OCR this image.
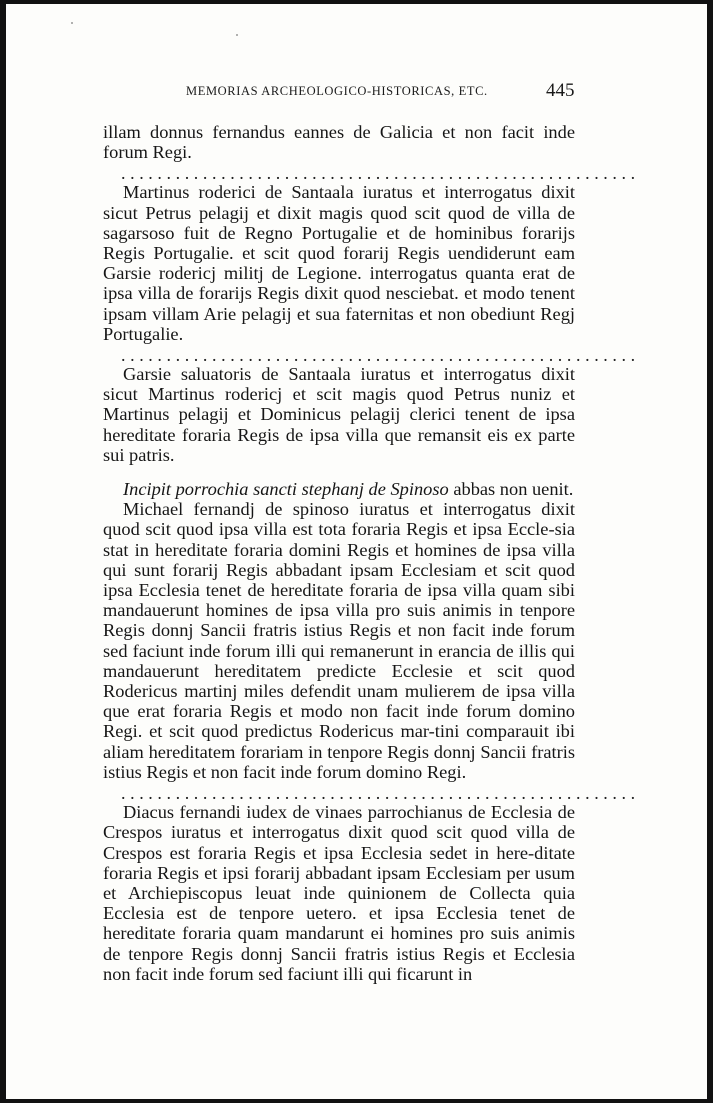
MEMORIAS ARCHEOLOGICO-HISTORICAS, ETC.	445

illam donnus fernandus eannes de Galicia et non facit inde forum Regi.

.........................................................

Martinus roderici de Santaala iuratus et interrogatus dixit sicut Petrus pelagij et dixit magis quod scit quod de villa de sagarsoso fuit de Regno Portugalie et de hominibus forarijs Regis Portugalie. et scit quod forarij Regis uendiderunt eam Garsie rodericj militj de Legione. interrogatus quanta erat de ipsa villa de forarijs Regis dixit quod nesciebat. et modo tenent ipsam villam Arie pelagij et sua faternitas et non obediunt Regj Portugalie.

.........................................................

Garsie saluatoris de Santaala iuratus et interrogatus dixit sicut Martinus rodericj et scit magis quod Petrus nuniz et Martinus pelagij et Dominicus pelagij clerici tenent de ipsa hereditate foraria Regis de ipsa villa que remansit eis ex parte sui patris.

Incipit porrochia sancti stephanj de Spinoso abbas non uenit.

Michael fernandj de spinoso iuratus et interrogatus dixit quod scit quod ipsa villa est tota foraria Regis et ipsa Eccle-sia stat in hereditate foraria domini Regis et homines de ipsa villa qui sunt forarij Regis abbadant ipsam Ecclesiam et scit quod ipsa Ecclesia tenet de hereditate foraria de ipsa villa quam sibi mandauerunt homines de ipsa villa pro suis animis in tenpore Regis donnj Sancii fratris istius Regis et non facit inde forum sed faciunt inde forum illi qui remanerunt in erancia de illis qui mandauerunt hereditatem predicte Ecclesie et scit quod Rodericus martinj miles defendit unam mulierem de ipsa villa que erat foraria Regis et modo non facit inde forum domino Regi. et scit quod predictus Rodericus mar-tini comparauit ibi aliam hereditatem forariam in tenpore Regis donnj Sancii fratris istius Regis et non facit inde forum domino Regi.

.........................................................

Diacus fernandi iudex de vinaes parrochianus de Ecclesia de Crespos iuratus et interrogatus dixit quod scit quod villa de Crespos est foraria Regis et ipsa Ecclesia sedet in here-ditate foraria Regis et ipsi forarij abbadant ipsam Ecclesiam per usum et Archiepiscopus leuat inde quinionem de Collecta quia Ecclesia est de tenpore uetero. et ipsa Ecclesia tenet de hereditate foraria quam mandarunt ei homines pro suis animis de tenpore Regis donnj Sancii fratris istius Regis et Ecclesia non facit inde forum sed faciunt illi qui ficarunt in
